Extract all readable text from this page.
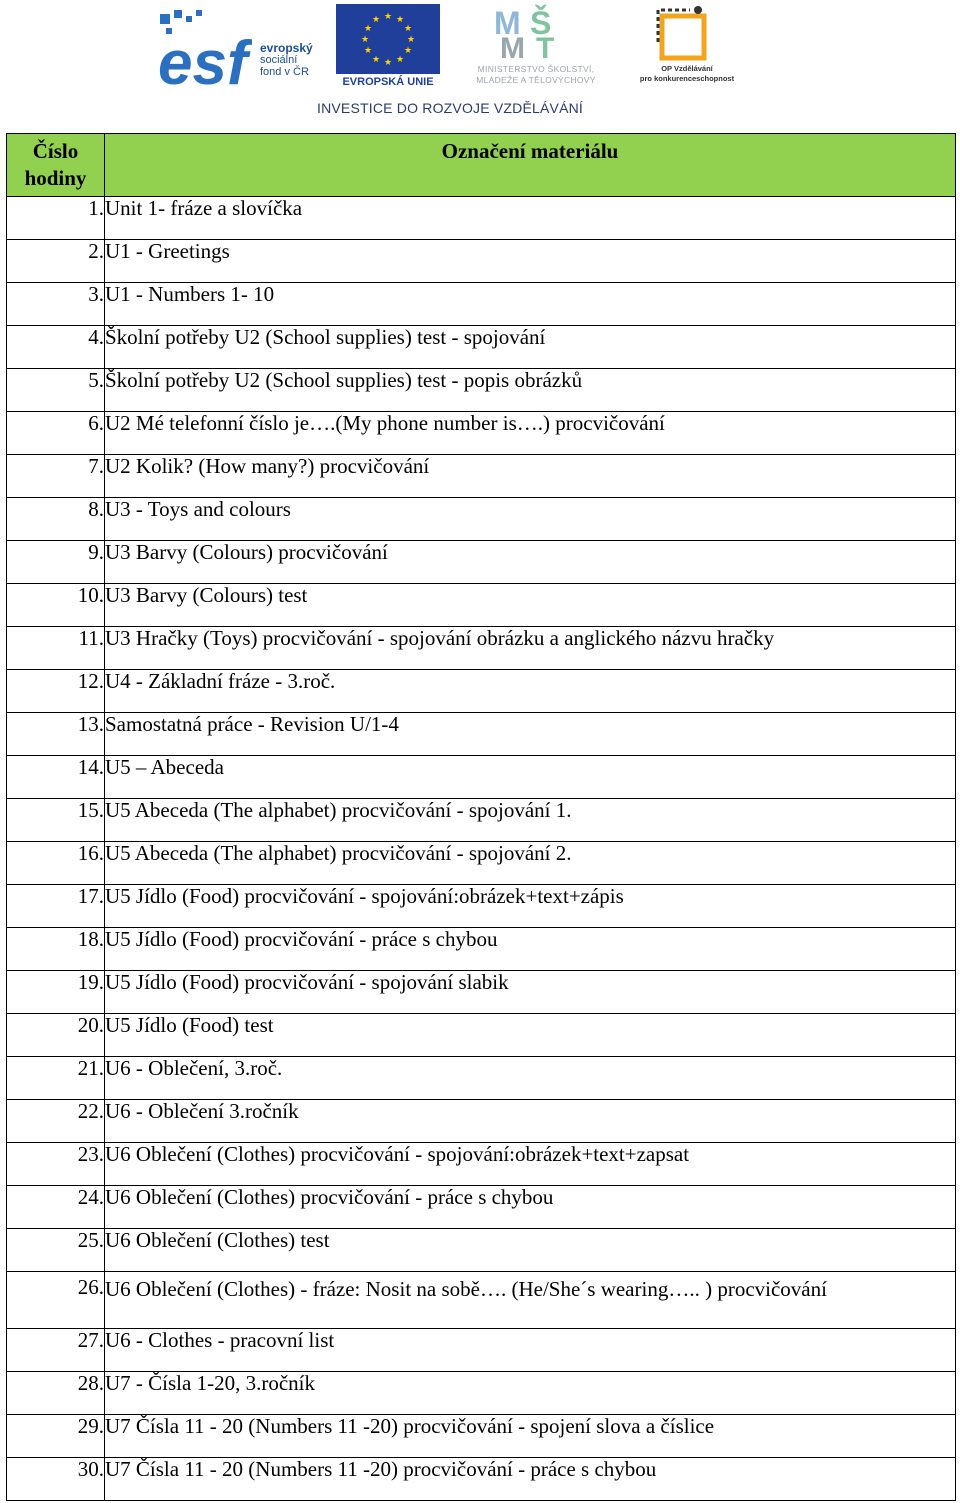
esf	evropský
sociální
fond v ČR
★ ★
★
★
★
★
★
★
★
★
★
★
EVROPSKÁ UNIE
M Š
M T
MINISTERSTVO ŠKOLSTVÍ,
MLÁDEŽE A TĚLOVÝCHOVY
OP Vzdělávání
pro konkurenceschopnost
INVESTICE DO ROZVOJE VZDĚLÁVÁNÍ
Číslo
hodiny	Označení materiálu
1.	Unit 1- fráze a slovíčka
2.	U1 - Greetings
3.	U1 - Numbers 1- 10
4.	Školní potřeby U2 (School supplies) test - spojování
5.	Školní potřeby U2 (School supplies) test - popis obrázků
6.	U2 Mé telefonní číslo je….(My phone number is….) procvičování
7.	U2 Kolik? (How many?) procvičování
8.	U3 - Toys and colours
9.	U3 Barvy (Colours) procvičování
10.	U3 Barvy (Colours) test
11.	U3 Hračky (Toys) procvičování - spojování obrázku a anglického názvu hračky
12.	U4 - Základní fráze - 3.roč.
13.	Samostatná práce - Revision U/1-4
14.	U5 – Abeceda
15.	U5 Abeceda (The alphabet) procvičování - spojování 1.
16.	U5 Abeceda (The alphabet) procvičování - spojování 2.
17.	U5 Jídlo (Food) procvičování - spojování:obrázek+text+zápis
18.	U5 Jídlo (Food) procvičování - práce s chybou
19.	U5 Jídlo (Food) procvičování - spojování slabik
20.	U5 Jídlo (Food) test
21.	U6 - Oblečení, 3.roč.
22.	U6 - Oblečení 3.ročník
23.	U6 Oblečení (Clothes) procvičování - spojování:obrázek+text+zapsat
24.	U6 Oblečení (Clothes) procvičování - práce s chybou
25.	U6 Oblečení (Clothes) test
26.	U6 Oblečení (Clothes) - fráze: Nosit na sobě…. (He/She´s wearing….. ) procvičování
27.	U6 - Clothes - pracovní list
28.	U7 - Čísla 1-20, 3.ročník
29.	U7 Čísla 11 - 20 (Numbers 11 -20) procvičování - spojení slova a číslice
30.	U7 Čísla 11 - 20 (Numbers 11 -20) procvičování - práce s chybou
